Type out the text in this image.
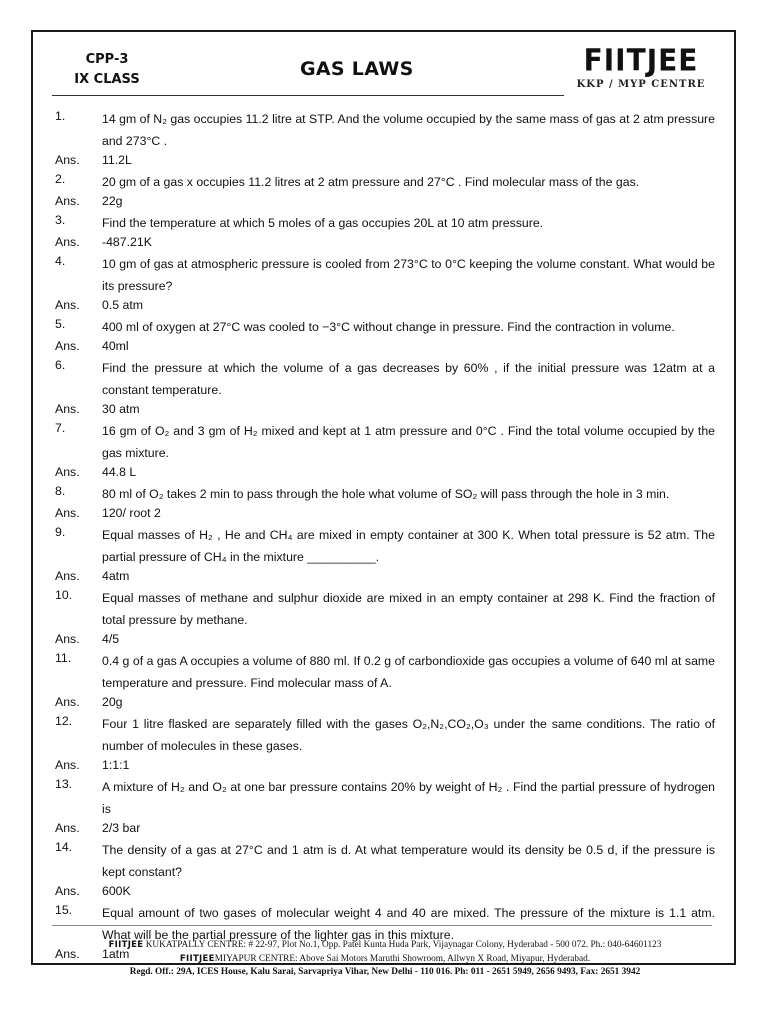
CPP-3
IX CLASS	GAS LAWS	FIITJEE
KKP / MYP CENTRE
1.	14 gm of N₂ gas occupies 11.2 litre at STP. And the volume occupied by the same mass of gas at 2 atm pressure and 273°C .
Ans.	11.2L
2.	20 gm of a gas x occupies 11.2 litres at 2 atm pressure and 27°C . Find molecular mass of the gas.
Ans.	22g
3.	Find the temperature at which 5 moles of a gas occupies 20L at 10 atm pressure.
Ans.	-487.21K
4.	10 gm of gas at atmospheric pressure is cooled from 273°C to 0°C keeping the volume constant. What would be its pressure?
Ans.	0.5 atm
5.	400 ml of oxygen at 27°C was cooled to −3°C without change in pressure. Find the contraction in volume.
Ans.	40ml
6.	Find the pressure at which the volume of a gas decreases by 60% , if the initial pressure was 12atm at a constant temperature.
Ans.	30 atm
7.	16 gm of O₂ and 3 gm of H₂ mixed and kept at 1 atm pressure and 0°C . Find the total volume occupied by the gas mixture.
Ans.	44.8 L
8.	80 ml of O₂ takes 2 min to pass through the hole what volume of SO₂ will pass through the hole in 3 min.
Ans.	120/ root 2
9.	Equal masses of H₂ , He and CH₄ are mixed in empty container at 300 K. When total pressure is 52 atm. The partial pressure of CH₄ in the mixture __________.
Ans.	4atm
10.	Equal masses of methane and sulphur dioxide are mixed in an empty container at 298 K. Find the fraction of total pressure by methane.
Ans.	4/5
11.	0.4 g of a gas A occupies a volume of 880 ml. If 0.2 g of carbondioxide gas occupies a volume of 640 ml at same temperature and pressure. Find molecular mass of A.
Ans.	20g
12.	Four 1 litre flasked are separately filled with the gases O₂,N₂,CO₂,O₃ under the same conditions. The ratio of number of molecules in these gases.
Ans.	1:1:1
13.	A mixture of H₂ and O₂ at one bar pressure contains 20% by weight of H₂ . Find the partial pressure of hydrogen is
Ans.	2/3 bar
14.	The density of a gas at 27°C and 1 atm is d. At what temperature would its density be 0.5 d, if the pressure is kept constant?
Ans.	600K
15.	Equal amount of two gases of molecular weight 4 and 40 are mixed. The pressure of the mixture is 1.1 atm. What will be the partial pressure of the lighter gas in this mixture.
Ans.	1atm
FIITJEE KUKATPALLY CENTRE: # 22-97, Plot No.1, Opp. Patel Kunta Huda Park, Vijaynagar Colony, Hyderabad - 500 072. Ph.: 040-64601123
FIITJEEMIYAPUR CENTRE: Above Sai Motors Maruthi Showroom, Allwyn X Road, Miyapur, Hyderabad.
Regd. Off.: 29A, ICES House, Kalu Sarai, Sarvapriya Vihar, New Delhi - 110 016. Ph: 011 - 2651 5949, 2656 9493, Fax: 2651 3942
